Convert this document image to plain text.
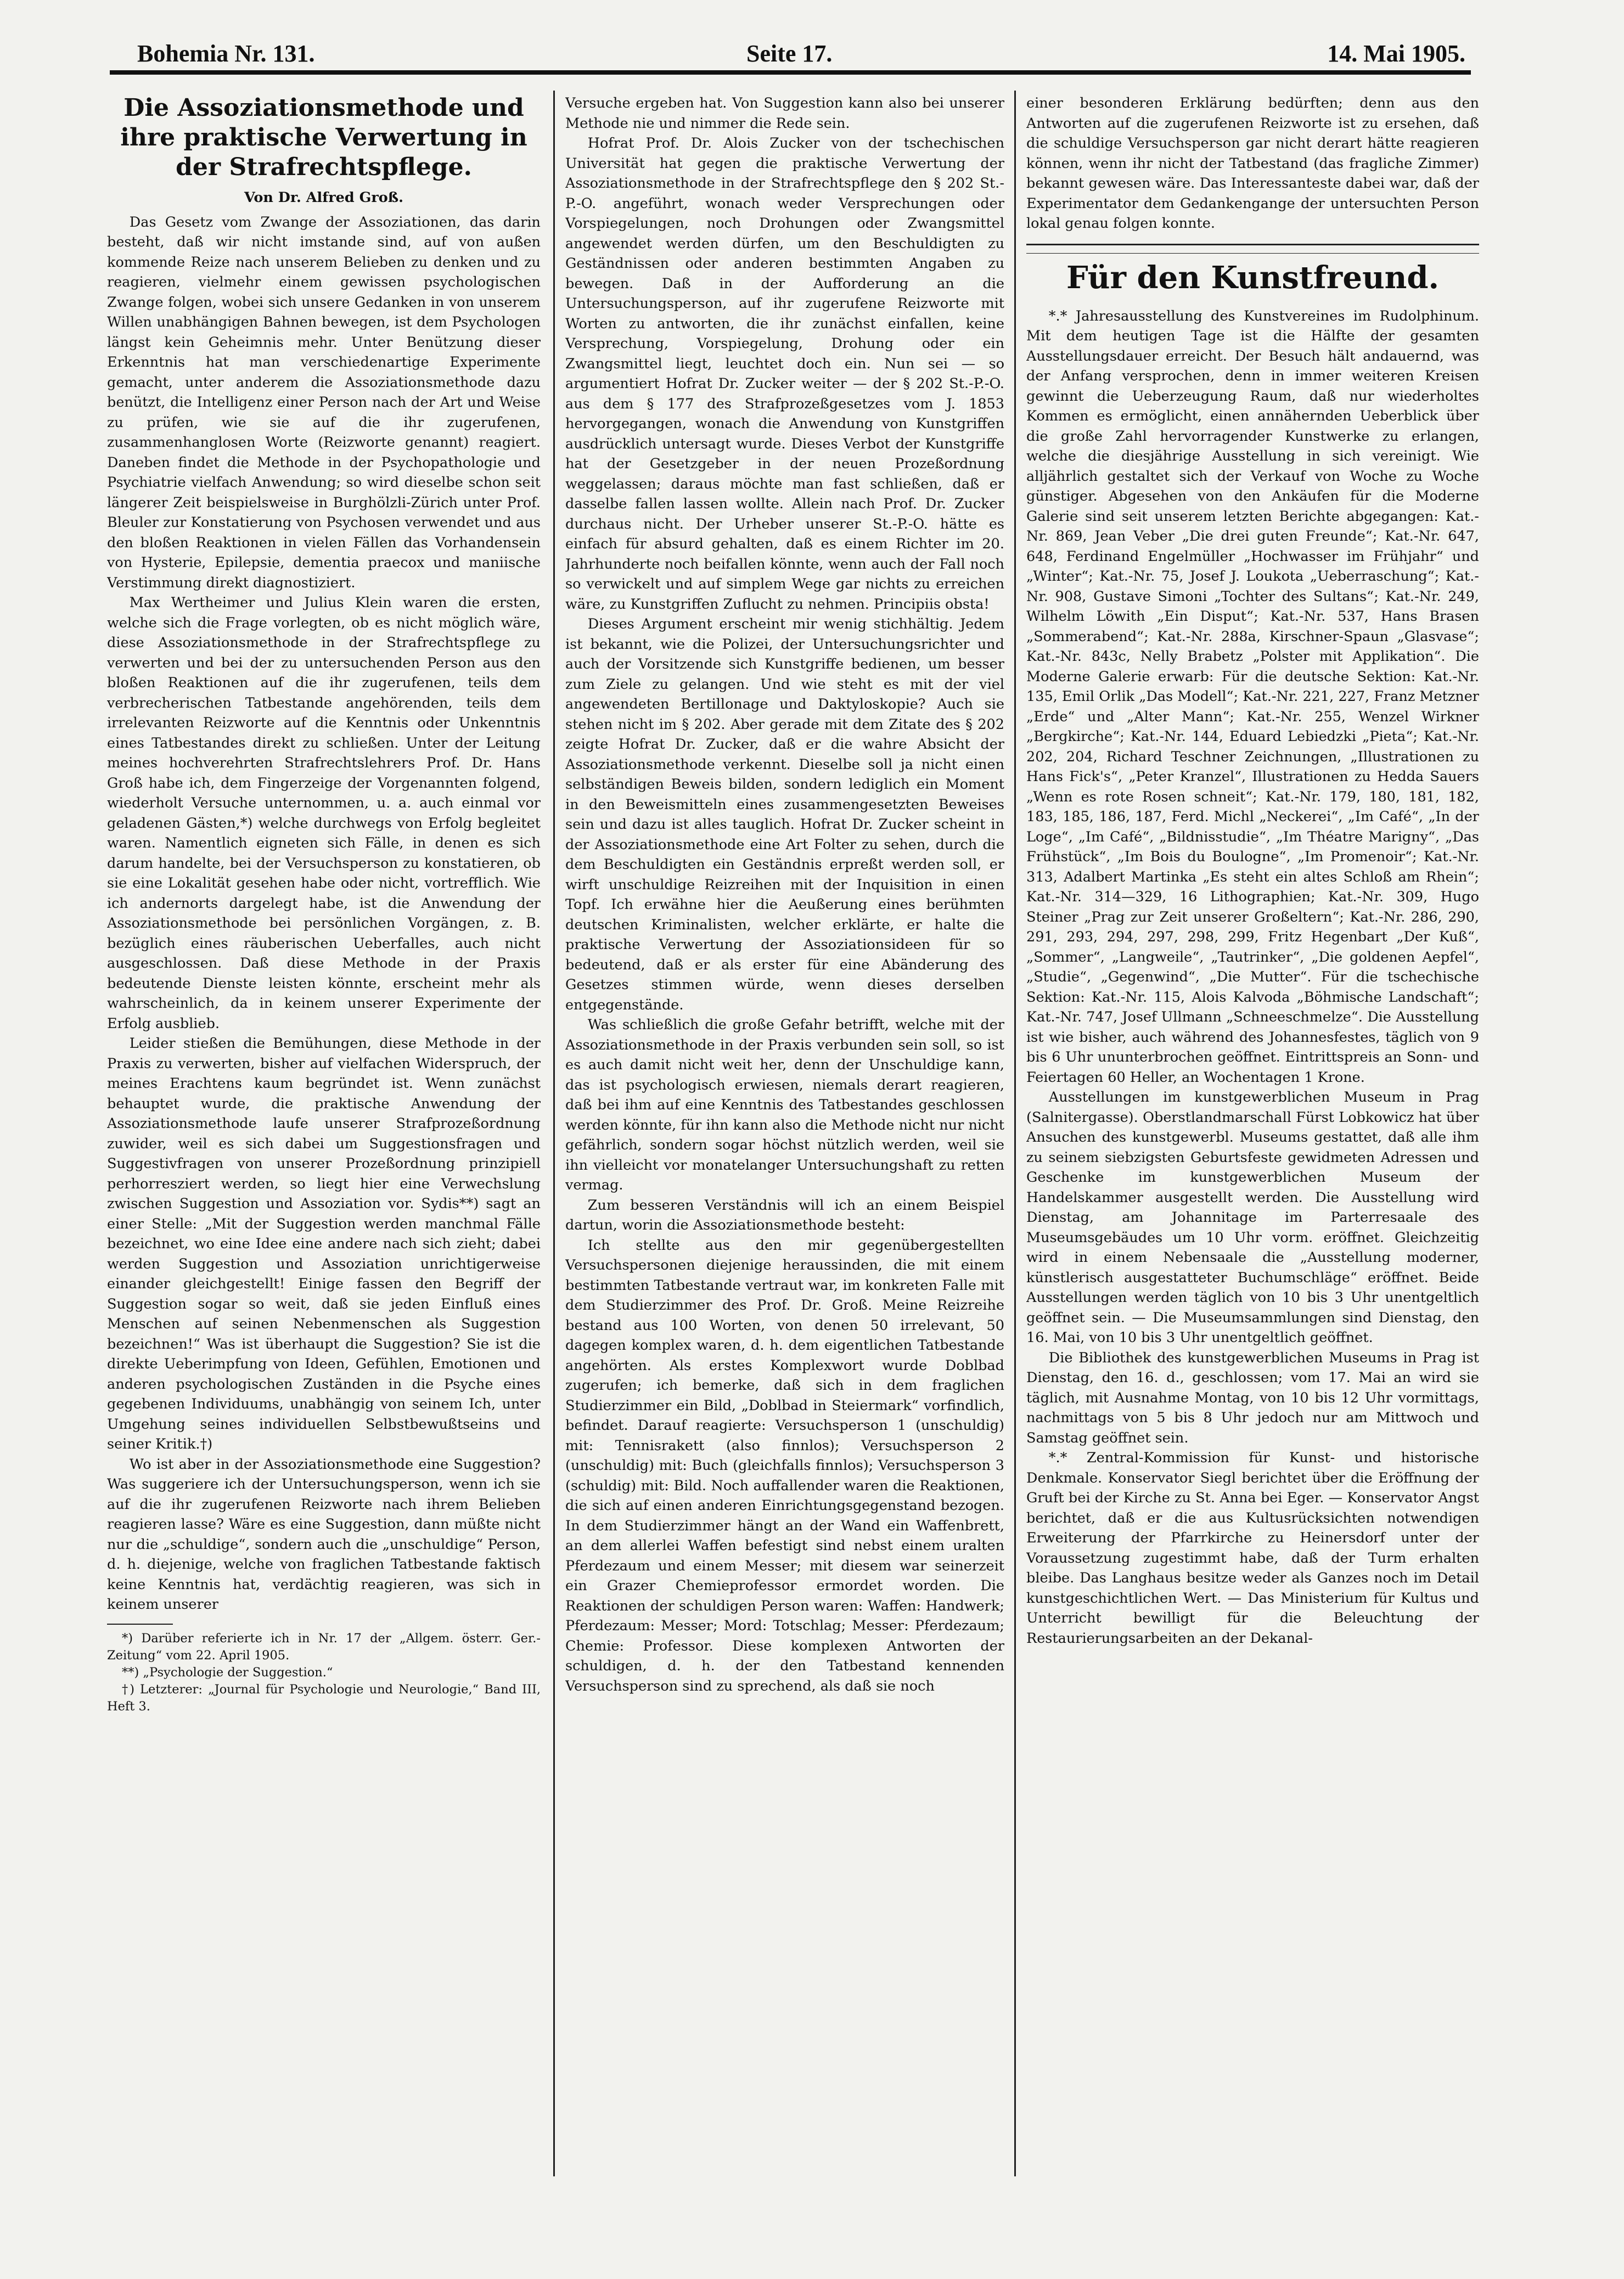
Bohemia Nr. 131.	Seite 17.	14. Mai 1905.
Die Assoziationsmethode und ihre praktische Verwertung in der Strafrechtspflege.
Von Dr. Alfred Groß.

Das Gesetz vom Zwange der Assoziationen, das darin besteht, daß wir nicht imstande sind, auf von außen kommende Reize nach unserem Belieben zu denken und zu reagieren, vielmehr einem gewissen psychologischen Zwange folgen, wobei sich unsere Gedanken in von unserem Willen unabhängigen Bahnen bewegen, ist dem Psychologen längst kein Geheimnis mehr. Unter Benützung dieser Erkenntnis hat man verschiedenartige Experimente gemacht, unter anderem die Assoziationsmethode dazu benützt, die Intelligenz einer Person nach der Art und Weise zu prüfen, wie sie auf die ihr zugerufenen, zusammenhanglosen Worte (Reizworte genannt) reagiert. Daneben findet die Methode in der Psychopathologie und Psychiatrie vielfach Anwendung; so wird dieselbe schon seit längerer Zeit beispielsweise in Burghölzli-Zürich unter Prof. Bleuler zur Konstatierung von Psychosen verwendet und aus den bloßen Reaktionen in vielen Fällen das Vorhandensein von Hysterie, Epilepsie, dementia praecox und maniische Verstimmung direkt diagnostiziert.

Max Wertheimer und Julius Klein waren die ersten, welche sich die Frage vorlegten, ob es nicht möglich wäre, diese Assoziationsmethode in der Strafrechtspflege zu verwerten und bei der zu untersuchenden Person aus den bloßen Reaktionen auf die ihr zugerufenen, teils dem verbrecherischen Tatbestande angehörenden, teils dem irrelevanten Reizworte auf die Kenntnis oder Unkenntnis eines Tatbestandes direkt zu schließen. Unter der Leitung meines hochverehrten Strafrechtslehrers Prof. Dr. Hans Groß habe ich, dem Fingerzeige der Vorgenannten folgend, wiederholt Versuche unternommen, u. a. auch einmal vor geladenen Gästen,*) welche durchwegs von Erfolg begleitet waren. Namentlich eigneten sich Fälle, in denen es sich darum handelte, bei der Versuchsperson zu konstatieren, ob sie eine Lokalität gesehen habe oder nicht, vortrefflich. Wie ich andernorts dargelegt habe, ist die Anwendung der Assoziationsmethode bei persönlichen Vorgängen, z. B. bezüglich eines räuberischen Ueberfalles, auch nicht ausgeschlossen. Daß diese Methode in der Praxis bedeutende Dienste leisten könnte, erscheint mehr als wahrscheinlich, da in keinem unserer Experimente der Erfolg ausblieb.

Leider stießen die Bemühungen, diese Methode in der Praxis zu verwerten, bisher auf vielfachen Widerspruch, der meines Erachtens kaum begründet ist. Wenn zunächst behauptet wurde, die praktische Anwendung der Assoziationsmethode laufe unserer Strafprozeßordnung zuwider, weil es sich dabei um Suggestionsfragen und Suggestivfragen von unserer Prozeßordnung prinzipiell perhorresziert werden, so liegt hier eine Verwechslung zwischen Suggestion und Assoziation vor. Sydis**) sagt an einer Stelle: „Mit der Suggestion werden manchmal Fälle bezeichnet, wo eine Idee eine andere nach sich zieht; dabei werden Suggestion und Assoziation unrichtigerweise einander gleichgestellt! Einige fassen den Begriff der Suggestion sogar so weit, daß sie jeden Einfluß eines Menschen auf seinen Nebenmenschen als Suggestion bezeichnen!“ Was ist überhaupt die Suggestion? Sie ist die direkte Ueberimpfung von Ideen, Gefühlen, Emotionen und anderen psychologischen Zuständen in die Psyche eines gegebenen Individuums, unabhängig von seinem Ich, unter Umgehung seines individuellen Selbstbewußtseins und seiner Kritik.†)

Wo ist aber in der Assoziationsmethode eine Suggestion? Was suggeriere ich der Untersuchungsperson, wenn ich sie auf die ihr zugerufenen Reizworte nach ihrem Belieben reagieren lasse? Wäre es eine Suggestion, dann müßte nicht nur die „schuldige“, sondern auch die „unschuldige“ Person, d. h. diejenige, welche von fraglichen Tatbestande faktisch keine Kenntnis hat, verdächtig reagieren, was sich in keinem unserer

*) Darüber referierte ich in Nr. 17 der „Allgem. österr. Ger.-Zeitung“ vom 22. April 1905.

**) „Psychologie der Suggestion.“

†) Letzterer: „Journal für Psychologie und Neurologie,“ Band III, Heft 3.

Versuche ergeben hat. Von Suggestion kann also bei unserer Methode nie und nimmer die Rede sein.

Hofrat Prof. Dr. Alois Zucker von der tschechischen Universität hat gegen die praktische Verwertung der Assoziationsmethode in der Strafrechtspflege den § 202 St.-P.-O. angeführt, wonach weder Versprechungen oder Vorspiegelungen, noch Drohungen oder Zwangsmittel angewendet werden dürfen, um den Beschuldigten zu Geständnissen oder anderen bestimmten Angaben zu bewegen. Daß in der Aufforderung an die Untersuchungsperson, auf ihr zugerufene Reizworte mit Worten zu antworten, die ihr zunächst einfallen, keine Versprechung, Vorspiegelung, Drohung oder ein Zwangsmittel liegt, leuchtet doch ein. Nun sei — so argumentiert Hofrat Dr. Zucker weiter — der § 202 St.-P.-O. aus dem § 177 des Strafprozeßgesetzes vom J. 1853 hervorgegangen, wonach die Anwendung von Kunstgriffen ausdrücklich untersagt wurde. Dieses Verbot der Kunstgriffe hat der Gesetzgeber in der neuen Prozeßordnung weggelassen; daraus möchte man fast schließen, daß er dasselbe fallen lassen wollte. Allein nach Prof. Dr. Zucker durchaus nicht. Der Urheber unserer St.-P.-O. hätte es einfach für absurd gehalten, daß es einem Richter im 20. Jahrhunderte noch beifallen könnte, wenn auch der Fall noch so verwickelt und auf simplem Wege gar nichts zu erreichen wäre, zu Kunstgriffen Zuflucht zu nehmen. Principiis obsta!

Dieses Argument erscheint mir wenig stichhältig. Jedem ist bekannt, wie die Polizei, der Untersuchungsrichter und auch der Vorsitzende sich Kunstgriffe bedienen, um besser zum Ziele zu gelangen. Und wie steht es mit der viel angewendeten Bertillonage und Daktyloskopie? Auch sie stehen nicht im § 202. Aber gerade mit dem Zitate des § 202 zeigte Hofrat Dr. Zucker, daß er die wahre Absicht der Assoziationsmethode verkennt. Dieselbe soll ja nicht einen selbständigen Beweis bilden, sondern lediglich ein Moment in den Beweismitteln eines zusammengesetzten Beweises sein und dazu ist alles tauglich. Hofrat Dr. Zucker scheint in der Assoziationsmethode eine Art Folter zu sehen, durch die dem Beschuldigten ein Geständnis erpreßt werden soll, er wirft unschuldige Reizreihen mit der Inquisition in einen Topf. Ich erwähne hier die Aeußerung eines berühmten deutschen Kriminalisten, welcher erklärte, er halte die praktische Verwertung der Assoziationsideen für so bedeutend, daß er als erster für eine Abänderung des Gesetzes stimmen würde, wenn dieses derselben entgegenstände.

Was schließlich die große Gefahr betrifft, welche mit der Assoziationsmethode in der Praxis verbunden sein soll, so ist es auch damit nicht weit her, denn der Unschuldige kann, das ist psychologisch erwiesen, niemals derart reagieren, daß bei ihm auf eine Kenntnis des Tatbestandes geschlossen werden könnte, für ihn kann also die Methode nicht nur nicht gefährlich, sondern sogar höchst nützlich werden, weil sie ihn vielleicht vor monatelanger Untersuchungshaft zu retten vermag.

Zum besseren Verständnis will ich an einem Beispiel dartun, worin die Assoziationsmethode besteht:

Ich stellte aus den mir gegenübergestellten Versuchspersonen diejenige heraussinden, die mit einem bestimmten Tatbestande vertraut war, im konkreten Falle mit dem Studierzimmer des Prof. Dr. Groß. Meine Reizreihe bestand aus 100 Worten, von denen 50 irrelevant, 50 dagegen komplex waren, d. h. dem eigentlichen Tatbestande angehörten. Als erstes Komplexwort wurde Doblbad zugerufen; ich bemerke, daß sich in dem fraglichen Studierzimmer ein Bild, „Doblbad in Steiermark“ vorfindlich, befindet. Darauf reagierte: Versuchsperson 1 (unschuldig) mit: Tennisrakett (also finnlos); Versuchsperson 2 (unschuldig) mit: Buch (gleichfalls finnlos); Versuchsperson 3 (schuldig) mit: Bild. Noch auffallender waren die Reaktionen, die sich auf einen anderen Einrichtungsgegenstand bezogen. In dem Studierzimmer hängt an der Wand ein Waffenbrett, an dem allerlei Waffen befestigt sind nebst einem uralten Pferdezaum und einem Messer; mit diesem war seinerzeit ein Grazer Chemieprofessor ermordet worden. Die Reaktionen der schuldigen Person waren: Waffen: Handwerk; Pferdezaum: Messer; Mord: Totschlag; Messer: Pferdezaum; Chemie: Professor. Diese komplexen Antworten der schuldigen, d. h. der den Tatbestand kennenden Versuchsperson sind zu sprechend, als daß sie noch

einer besonderen Erklärung bedürften; denn aus den Antworten auf die zugerufenen Reizworte ist zu ersehen, daß die schuldige Versuchsperson gar nicht derart hätte reagieren können, wenn ihr nicht der Tatbestand (das fragliche Zimmer) bekannt gewesen wäre. Das Interessanteste dabei war, daß der Experimentator dem Gedankengange der untersuchten Person lokal genau folgen konnte.

Für den Kunstfreund.

*.* Jahresausstellung des Kunstvereines im Rudolphinum. Mit dem heutigen Tage ist die Hälfte der gesamten Ausstellungsdauer erreicht. Der Besuch hält andauernd, was der Anfang versprochen, denn in immer weiteren Kreisen gewinnt die Ueberzeugung Raum, daß nur wiederholtes Kommen es ermöglicht, einen annähernden Ueberblick über die große Zahl hervorragender Kunstwerke zu erlangen, welche die diesjährige Ausstellung in sich vereinigt. Wie alljährlich gestaltet sich der Verkauf von Woche zu Woche günstiger. Abgesehen von den Ankäufen für die Moderne Galerie sind seit unserem letzten Berichte abgegangen: Kat.-Nr. 869, Jean Veber „Die drei guten Freunde“; Kat.-Nr. 647, 648, Ferdinand Engelmüller „Hochwasser im Frühjahr“ und „Winter“; Kat.-Nr. 75, Josef J. Loukota „Ueberraschung“; Kat.-Nr. 908, Gustave Simoni „Tochter des Sultans“; Kat.-Nr. 249, Wilhelm Löwith „Ein Disput“; Kat.-Nr. 537, Hans Brasen „Sommerabend“; Kat.-Nr. 288a, Kirschner-Spaun „Glasvase“; Kat.-Nr. 843c, Nelly Brabetz „Polster mit Applikation“. Die Moderne Galerie erwarb: Für die deutsche Sektion: Kat.-Nr. 135, Emil Orlik „Das Modell“; Kat.-Nr. 221, 227, Franz Metzner „Erde“ und „Alter Mann“; Kat.-Nr. 255, Wenzel Wirkner „Bergkirche“; Kat.-Nr. 144, Eduard Lebiedzki „Pieta“; Kat.-Nr. 202, 204, Richard Teschner Zeichnungen, „Illustrationen zu Hans Fick's“, „Peter Kranzel“, Illustrationen zu Hedda Sauers „Wenn es rote Rosen schneit“; Kat.-Nr. 179, 180, 181, 182, 183, 185, 186, 187, Ferd. Michl „Neckerei“, „Im Café“, „In der Loge“, „Im Café“, „Bildnisstudie“, „Im Théatre Marigny“, „Das Frühstück“, „Im Bois du Boulogne“, „Im Promenoir“; Kat.-Nr. 313, Adalbert Martinka „Es steht ein altes Schloß am Rhein“; Kat.-Nr. 314—329, 16 Lithographien; Kat.-Nr. 309, Hugo Steiner „Prag zur Zeit unserer Großeltern“; Kat.-Nr. 286, 290, 291, 293, 294, 297, 298, 299, Fritz Hegenbart „Der Kuß“, „Sommer“, „Langweile“, „Tautrinker“, „Die goldenen Aepfel“, „Studie“, „Gegenwind“, „Die Mutter“. Für die tschechische Sektion: Kat.-Nr. 115, Alois Kalvoda „Böhmische Landschaft“; Kat.-Nr. 747, Josef Ullmann „Schneeschmelze“. Die Ausstellung ist wie bisher, auch während des Johannesfestes, täglich von 9 bis 6 Uhr ununterbrochen geöffnet. Eintrittspreis an Sonn- und Feiertagen 60 Heller, an Wochentagen 1 Krone.

Ausstellungen im kunstgewerblichen Museum in Prag (Salnitergasse). Oberstlandmarschall Fürst Lobkowicz hat über Ansuchen des kunstgewerbl. Museums gestattet, daß alle ihm zu seinem siebzigsten Geburtsfeste gewidmeten Adressen und Geschenke im kunstgewerblichen Museum der Handelskammer ausgestellt werden. Die Ausstellung wird Dienstag, am Johannitage im Parterresaale des Museumsgebäudes um 10 Uhr vorm. eröffnet. Gleichzeitig wird in einem Nebensaale die „Ausstellung moderner, künstlerisch ausgestatteter Buchumschläge“ eröffnet. Beide Ausstellungen werden täglich von 10 bis 3 Uhr unentgeltlich geöffnet sein. — Die Museumsammlungen sind Dienstag, den 16. Mai, von 10 bis 3 Uhr unentgeltlich geöffnet.

Die Bibliothek des kunstgewerblichen Museums in Prag ist Dienstag, den 16. d., geschlossen; vom 17. Mai an wird sie täglich, mit Ausnahme Montag, von 10 bis 12 Uhr vormittags, nachmittags von 5 bis 8 Uhr jedoch nur am Mittwoch und Samstag geöffnet sein.

*.* Zentral-Kommission für Kunst- und historische Denkmale. Konservator Siegl berichtet über die Eröffnung der Gruft bei der Kirche zu St. Anna bei Eger. — Konservator Angst berichtet, daß er die aus Kultusrücksichten notwendigen Erweiterung der Pfarrkirche zu Heinersdorf unter der Voraussetzung zugestimmt habe, daß der Turm erhalten bleibe. Das Langhaus besitze weder als Ganzes noch im Detail kunstgeschichtlichen Wert. — Das Ministerium für Kultus und Unterricht bewilligt für die Beleuchtung der Restaurierungsarbeiten an der Dekanal-
